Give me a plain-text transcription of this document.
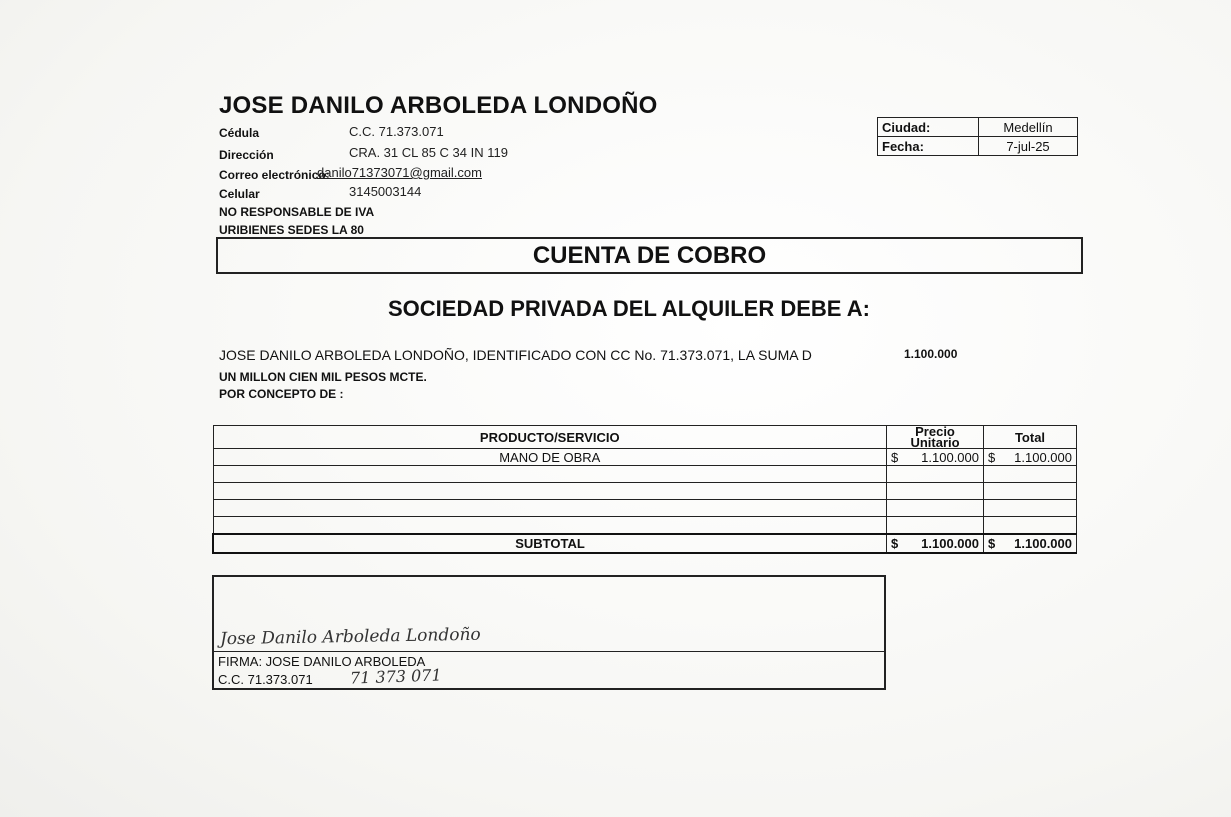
JOSE DANILO ARBOLEDA LONDOÑO
Cédula	C.C. 71.373.071
Dirección	CRA. 31 CL 85 C 34 IN 119
Correo electrónico:
danilo71373071@gmail.com
Celular	3145003144
NO RESPONSABLE DE IVA
URIBIENES SEDES LA 80
Ciudad:	Medellín
Fecha:	7-jul-25
CUENTA DE COBRO
SOCIEDAD PRIVADA DEL ALQUILER DEBE A:
JOSE DANILO ARBOLEDA LONDOÑO, IDENTIFICADO CON CC No. 71.373.071, LA SUMA D	1.100.000
UN MILLON CIEN MIL PESOS MCTE.
POR CONCEPTO DE :
PRODUCTO/SERVICIO	Precio Unitario	Total
MANO DE OBRA	$ 1.100.000	$ 1.100.000

SUBTOTAL	$ 1.100.000	$ 1.100.000
Jose Danilo Arboleda Londoño
FIRMA: JOSE DANILO ARBOLEDA
C.C. 71.373.071 71 373 071
